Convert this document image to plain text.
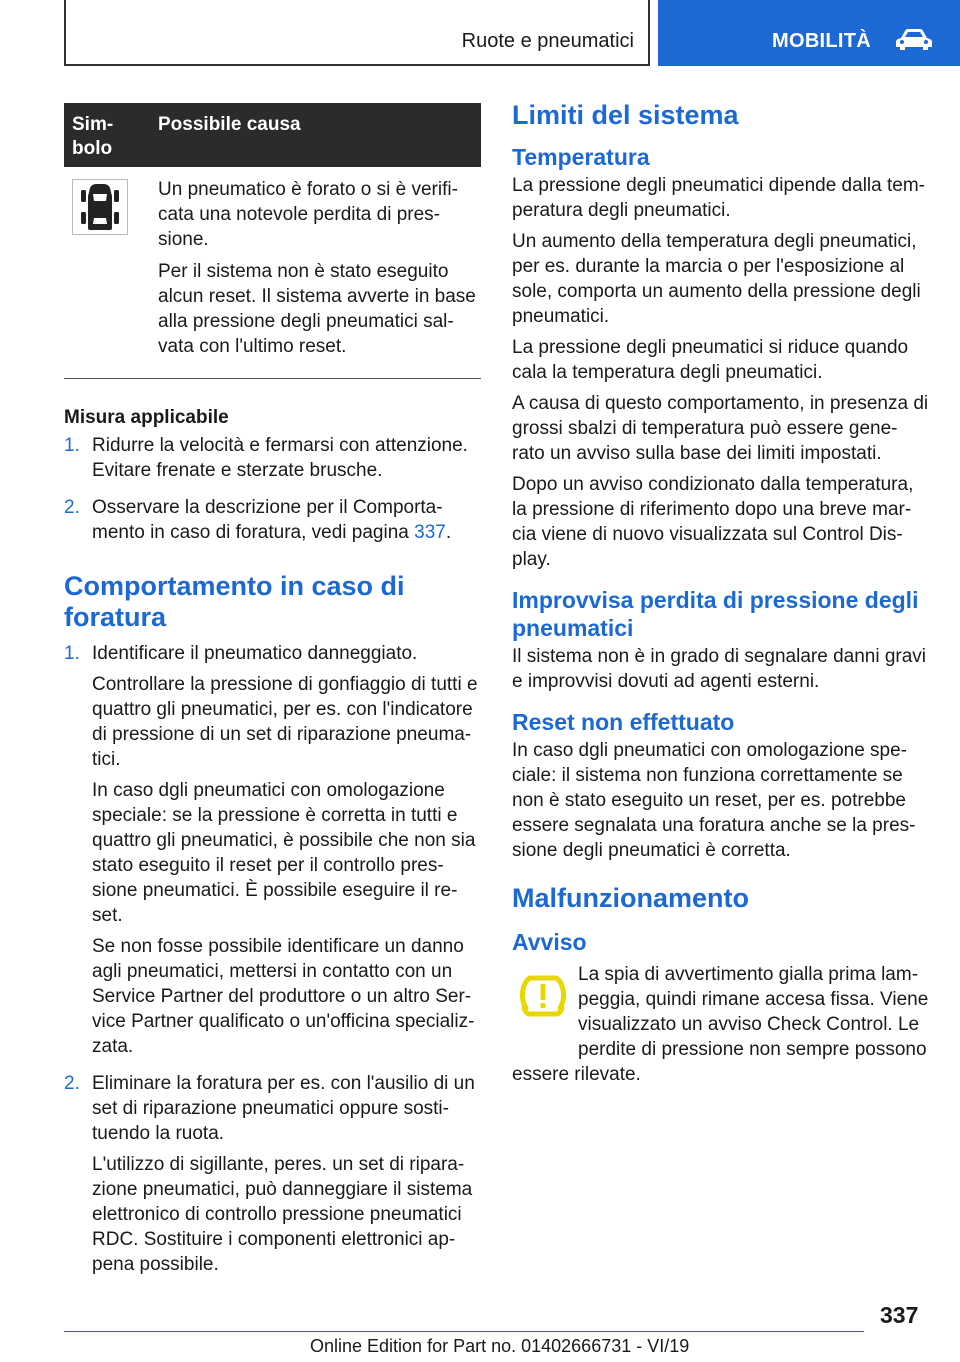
Ruote e pneumatici	MOBILITÀ
Sim-
bolo
Possibile causa

Un pneumatico è forato o si è verifi-cata una notevole perdita di pres-sione.

Per il sistema non è stato eseguito alcun reset. Il sistema avverte in base alla pressione degli pneumatici sal-vata con l'ultimo reset.

Misura applicabile
1. Ridurre la velocità e fermarsi con attenzione. Evitare frenate e sterzate brusche.

2. Osservare la descrizione per il Comporta-mento in caso di foratura, vedi pagina 337.

Comportamento in caso di foratura
1. Identificare il pneumatico danneggiato.

Controllare la pressione di gonfiaggio di tutti e quattro gli pneumatici, per es. con l'indicatore di pressione di un set di riparazione pneuma-tici.

In caso dgli pneumatici con omologazione speciale: se la pressione è corretta in tutti e quattro gli pneumatici, è possibile che non sia stato eseguito il reset per il controllo pres-sione pneumatici. È possibile eseguire il re-set.

Se non fosse possibile identificare un danno agli pneumatici, mettersi in contatto con un Service Partner del produttore o un altro Ser-vice Partner qualificato o un'officina specializ-zata.

2. Eliminare la foratura per es. con l'ausilio di un set di riparazione pneumatici oppure sosti-tuendo la ruota.

L'utilizzo di sigillante, peres. un set di ripara-zione pneumatici, può danneggiare il sistema elettronico di controllo pressione pneumatici RDC. Sostituire i componenti elettronici ap-pena possibile.

Limiti del sistema
Temperatura

La pressione degli pneumatici dipende dalla tem-peratura degli pneumatici.

Un aumento della temperatura degli pneumatici, per es. durante la marcia o per l'esposizione al sole, comporta un aumento della pressione degli pneumatici.

La pressione degli pneumatici si riduce quando cala la temperatura degli pneumatici.

A causa di questo comportamento, in presenza di grossi sbalzi di temperatura può essere gene-rato un avviso sulla base dei limiti impostati.

Dopo un avviso condizionato dalla temperatura, la pressione di riferimento dopo una breve mar-cia viene di nuovo visualizzata sul Control Dis-play.

Improvvisa perdita di pressione degli pneumatici

Il sistema non è in grado di segnalare danni gravi e improvvisi dovuti ad agenti esterni.

Reset non effettuato

In caso dgli pneumatici con omologazione spe-ciale: il sistema non funziona correttamente se non è stato eseguito un reset, per es. potrebbe essere segnalata una foratura anche se la pres-sione degli pneumatici è corretta.

Malfunzionamento
Avviso

La spia di avvertimento gialla prima lam-peggia, quindi rimane accesa fissa. Viene visualizzato un avviso Check Control. Le perdite di pressione non sempre possono essere rilevate.

337
Online Edition for Part no. 01402666731 - VI/19
